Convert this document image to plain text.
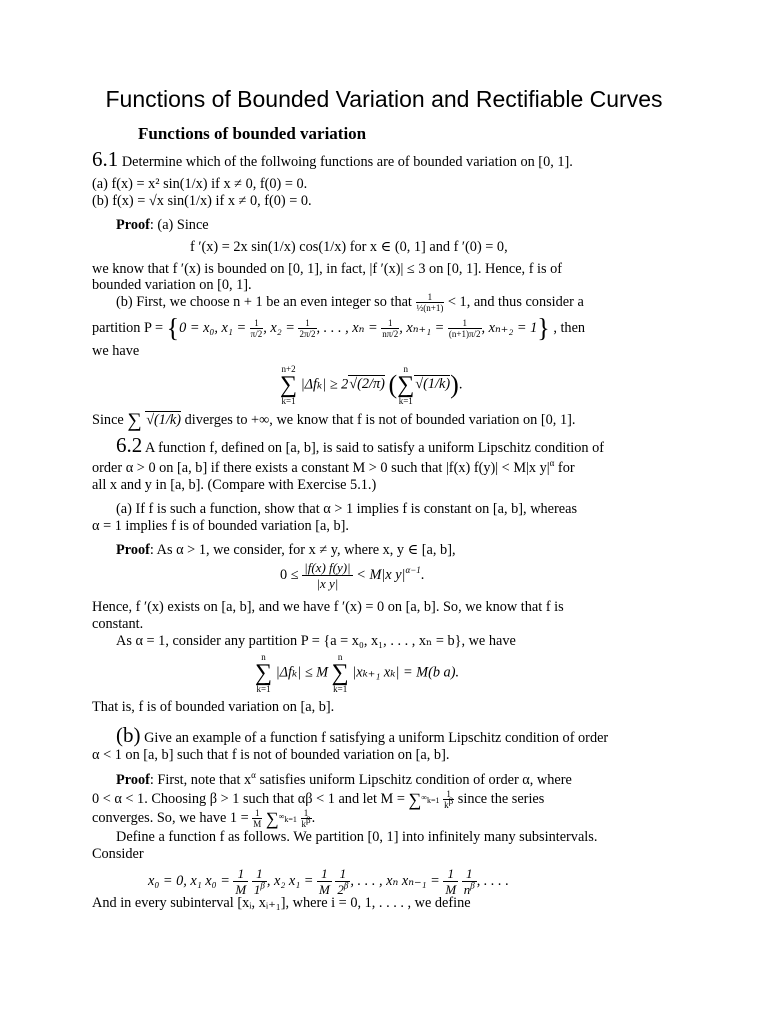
Functions of Bounded Variation and Rectifiable Curves
Functions of bounded variation
6.1 Determine which of the follwoing functions are of bounded variation on [0, 1].
(a) f(x) = x² sin(1/x) if x ≠ 0, f(0) = 0.
(b) f(x) = √x sin(1/x) if x ≠ 0, f(0) = 0.
Proof: (a) Since
f ′(x) = 2x sin(1/x) cos(1/x) for x ∈ (0, 1] and f ′(0) = 0,
we know that f ′(x) is bounded on [0, 1], in fact, |f ′(x)| ≤ 3 on [0, 1]. Hence, f is of
bounded variation on [0, 1].
(b) First, we choose n + 1 be an even integer so that $\frac{1}{\text{½(n+1)}} < 1$, and thus consider a
partition P = {0 = x₀, $x_1 = \frac{1}{\pi/2}$ , $x_2 = \frac{1}{2\pi/2}$ , . . . , $x_n = \frac{1}{n\pi/2}$ , $x_{n+1} = \frac{1}{(n+1)\pi/2}$ , xₙ₊₂ = 1} , then
we have
n+2
∑
k=1 |Δfₖ| ≥ 2√(2/π) (n
∑
k=1√(1/k)).
Since ∑ √(1/k) diverges to +∞, we know that f is not of bounded variation on [0, 1].
6.2 A function f, defined on [a, b], is said to satisfy a uniform Lipschitz condition of
order α > 0 on [a, b] if there exists a constant M > 0 such that |f(x) f(y)| < M|x $y|^\alpha$ for
all x and y in [a, b]. (Compare with Exercise 5.1.)
(a) If f is such a function, show that α > 1 implies f is constant on [a, b], whereas
α = 1 implies f is of bounded variation [a, b].
Proof: As α > 1, we consider, for x ≠ y, where x, y ∈ [a, b],
$0 \le \frac{|f(x) f(y)|}{\text{|x y|}} < M|x$ $y|^{\alpha-1}$.
Hence, f ′(x) exists on [a, b], and we have f ′(x) = 0 on [a, b]. So, we know that f is
constant.
As α = 1, consider any partition P = {a = x₀, x₁, . . . , xₙ = b}, we have
n
∑
k=1 |Δfₖ| ≤ M n
∑
k=1 |xₖ₊₁ xₖ| = M(b a).
That is, f is of bounded variation on [a, b].
(b) Give an example of a function f satisfying a uniform Lipschitz condition of order
α < 1 on [a, b] such that f is not of bounded variation on [a, b].
Proof: First, note that $x^\alpha$ satisfies uniform Lipschitz condition of order α, where
0 < α < 1. Choosing β > 1 such that αβ < 1 and let $M = \sum^\infty k=1 \frac{1}{k^\beta}$ since the series
converges. So, we have $1 = \frac{1}{M} \sum^\infty k=1 \frac{1}{k^\beta}$ .
Define a function f as follows. We partition [0, 1] into infinitely many subsintervals.
Consider
x₀ = 0, x₁ $x_0 = \frac{1}{M}$
$\frac{1}{1^\beta}$ , x₂ $x_1 = \frac{1}{M}$
$\frac{1}{2^\beta}$ , . . . , xₙ $x_{n-1} = \frac{1}{M}$
$\frac{1}{n^\beta}$ , . . . .
And in every subinterval [xᵢ, xᵢ₊₁], where i = 0, 1, . . . . , we define
